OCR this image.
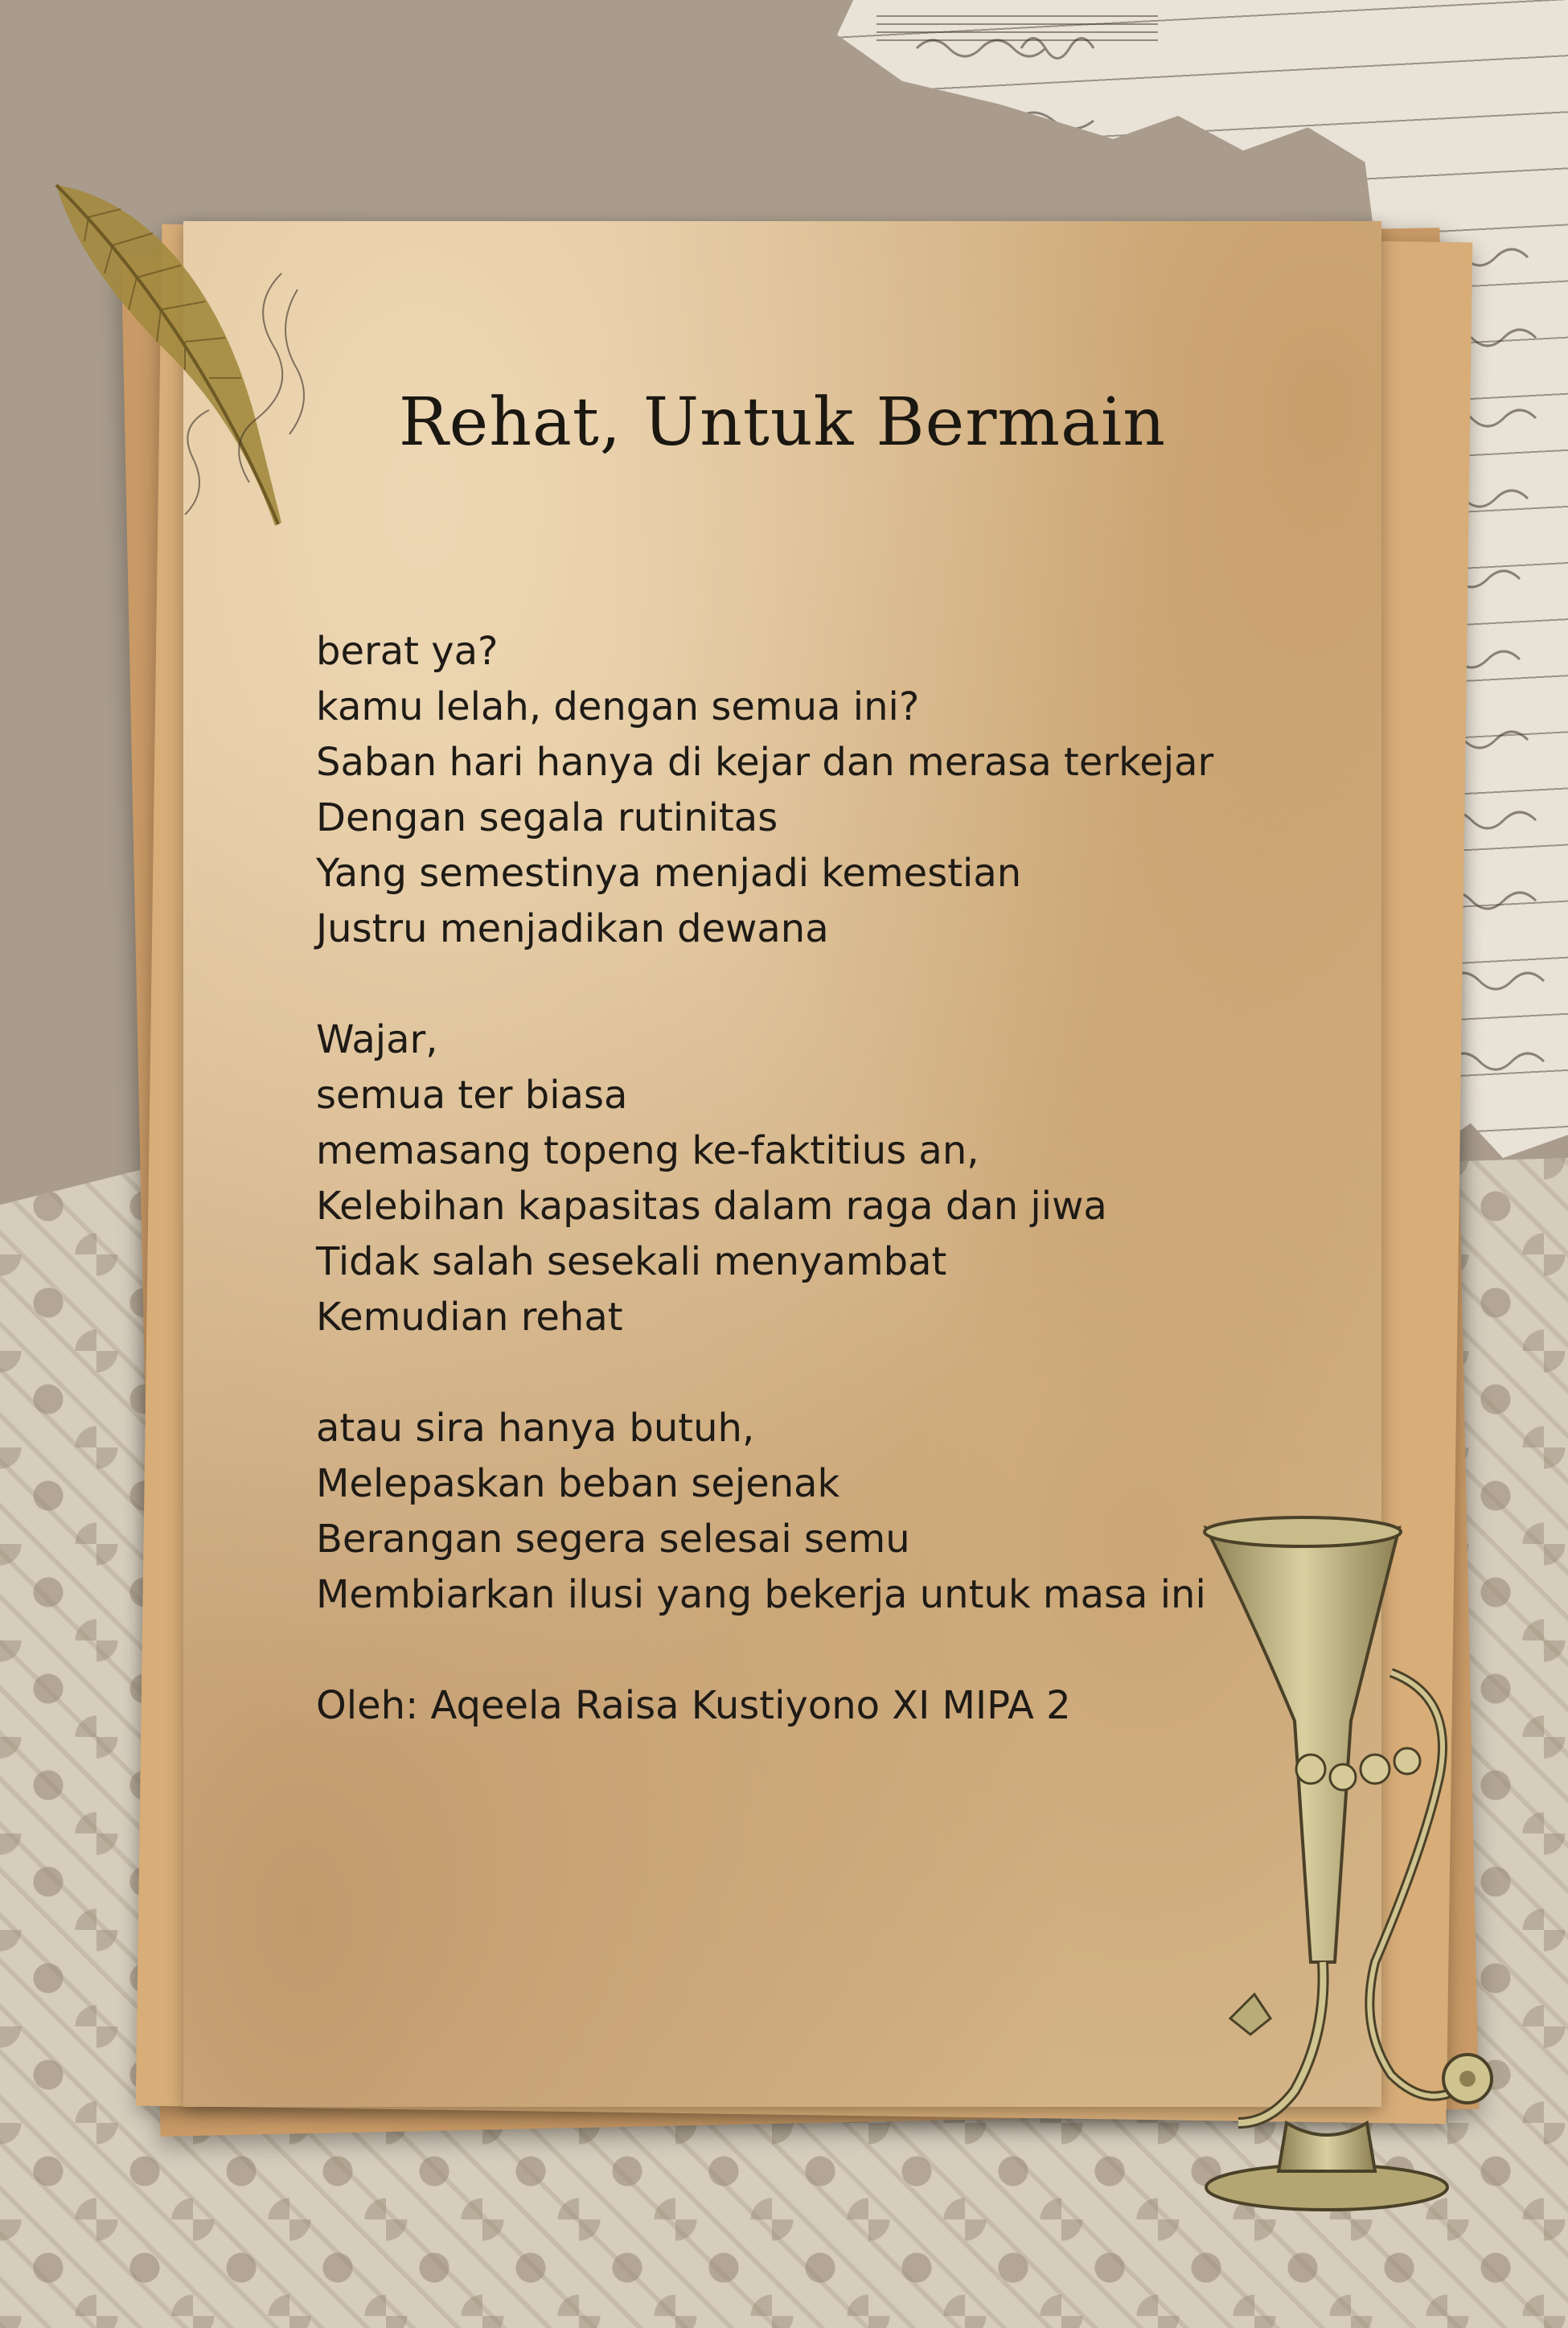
Rehat, Untuk Bermain
berat ya?
kamu lelah, dengan semua ini?
Saban hari hanya di kejar dan merasa terkejar
Dengan segala rutinitas
Yang semestinya menjadi kemestian
Justru menjadikan dewana
Wajar,
semua ter biasa
memasang topeng ke-faktitius an,
Kelebihan kapasitas dalam raga dan jiwa
Tidak salah sesekali menyambat
Kemudian rehat
atau sira hanya butuh,
Melepaskan beban sejenak
Berangan segera selesai semu
Membiarkan ilusi yang bekerja untuk masa ini
Oleh: Aqeela Raisa Kustiyono XI MIPA 2
